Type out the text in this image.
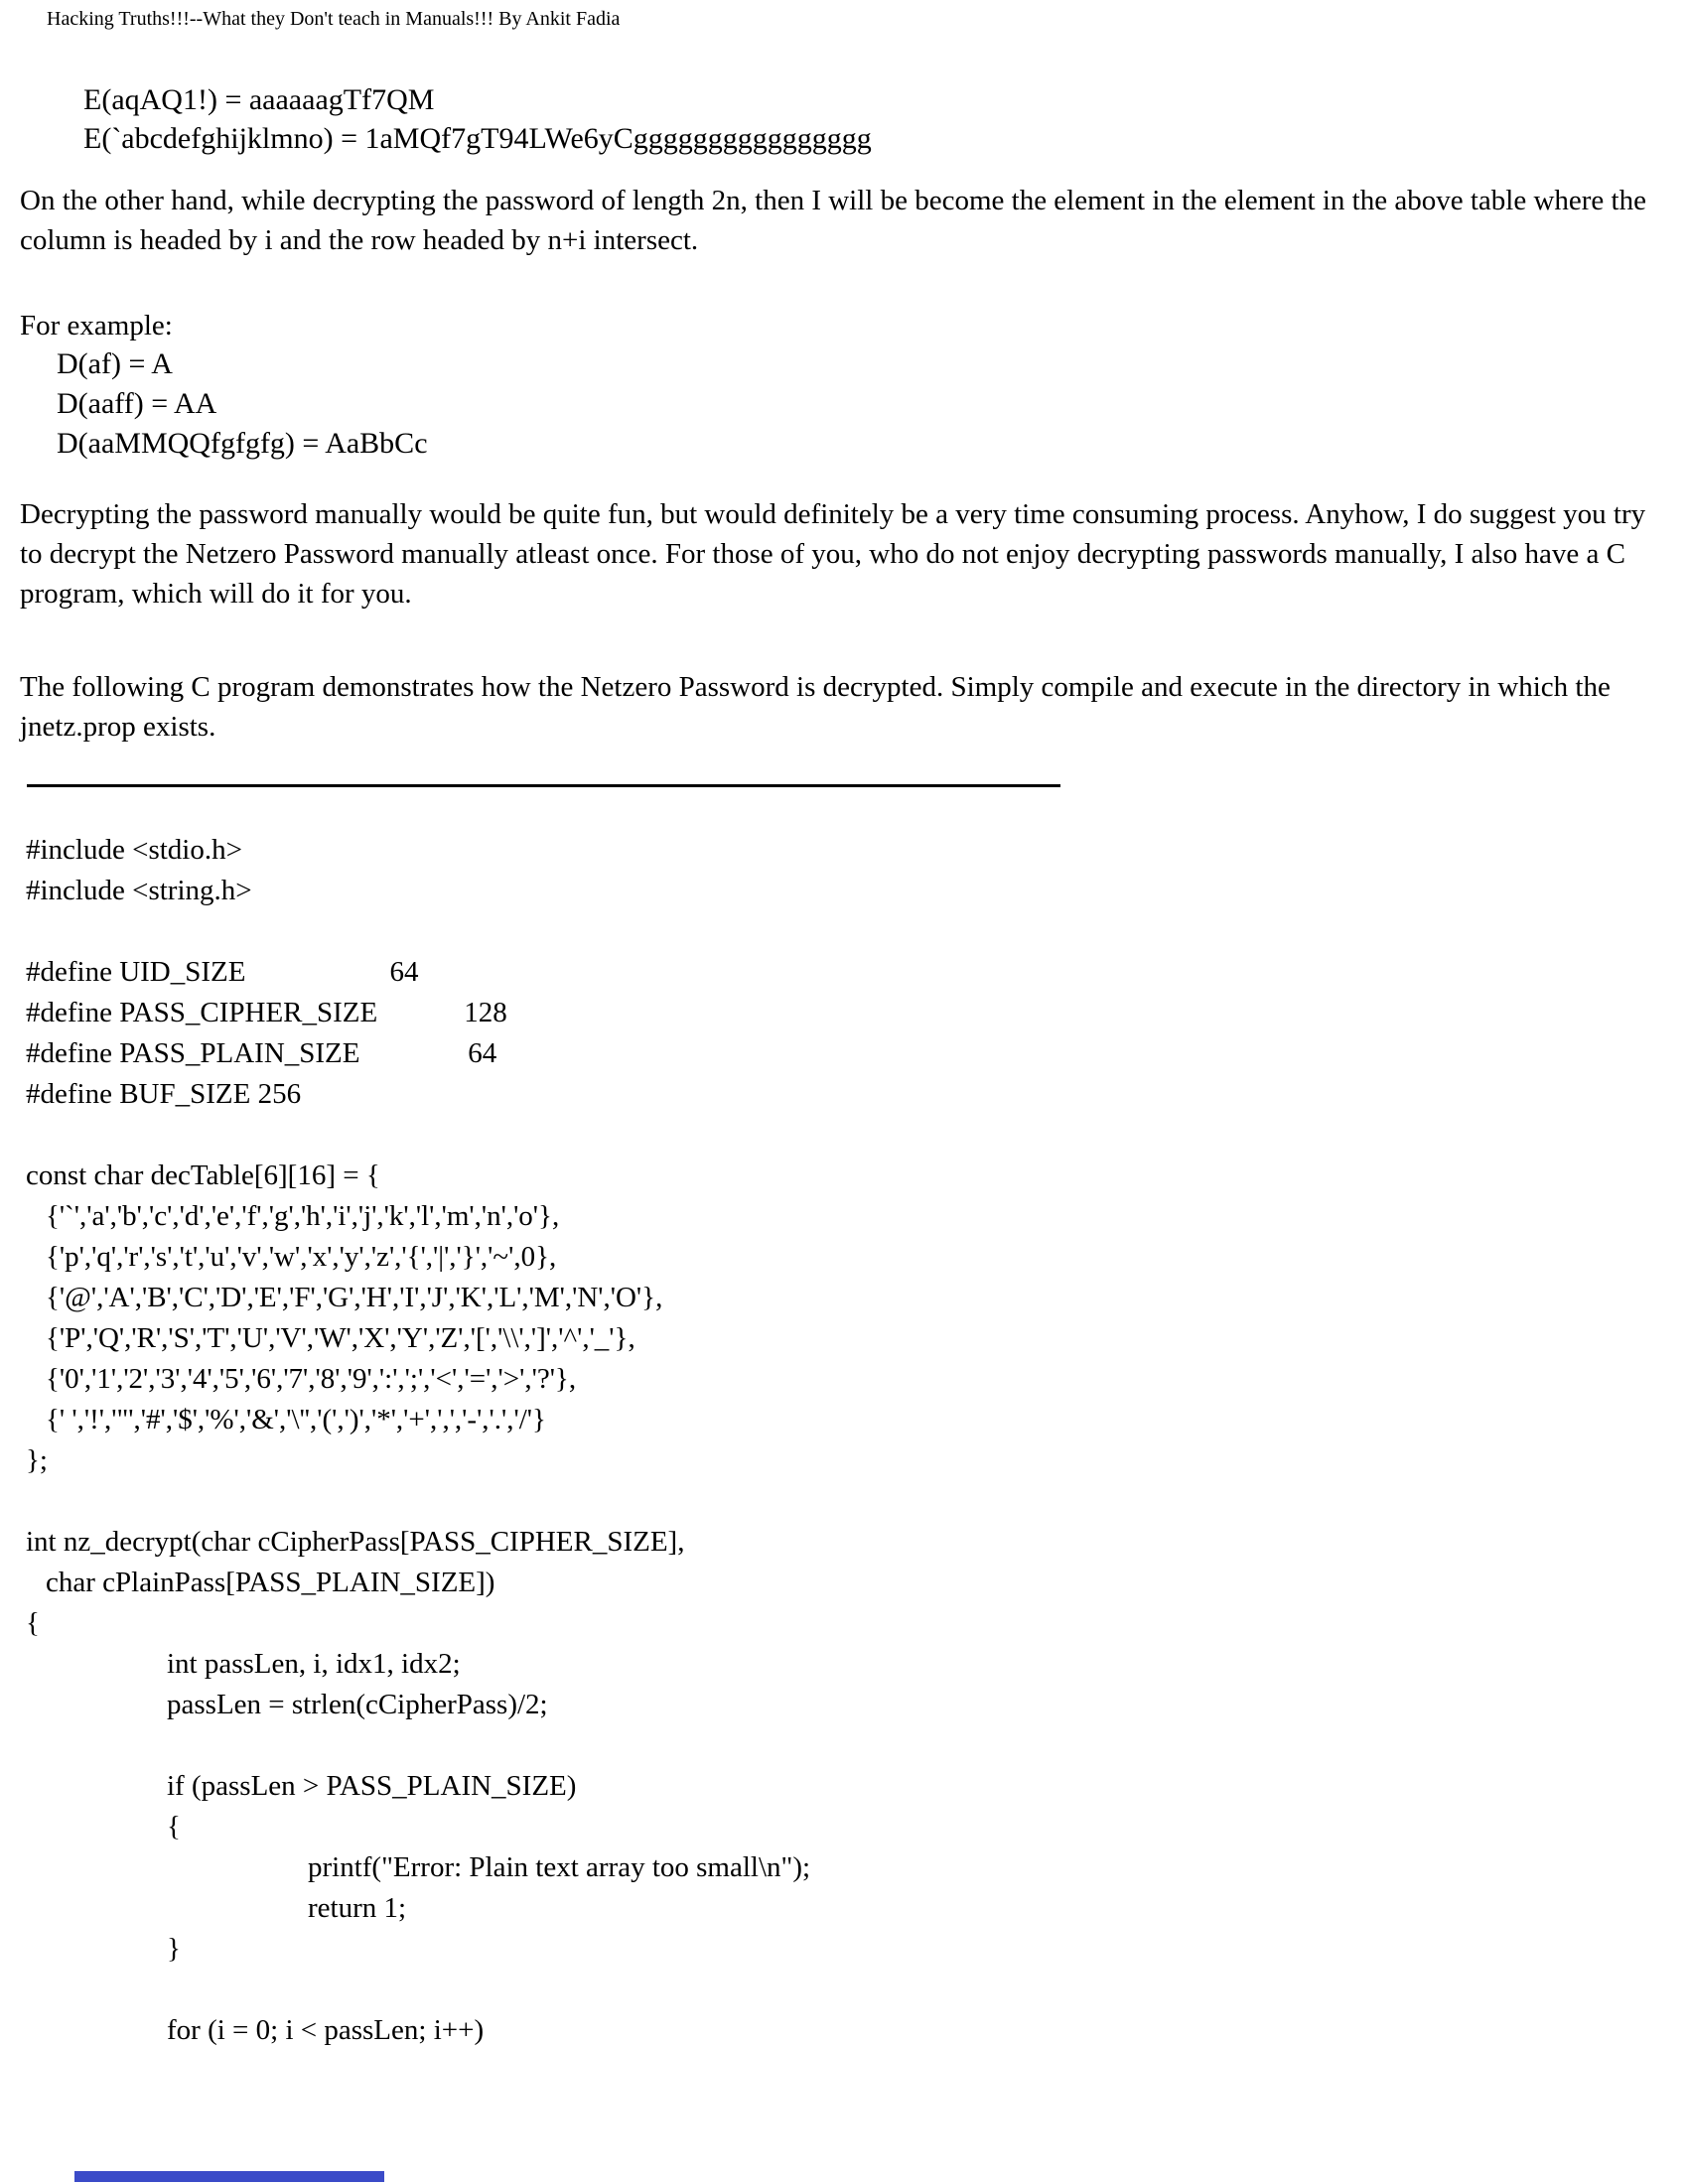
Hacking Truths!!!--What they Don't teach in Manuals!!! By Ankit Fadia
E(aqAQ1!) = aaaaaagTf7QM
E(`abcdefghijklmno) = 1aMQf7gT94LWe6yCgggggggggggggggg
On the other hand, while decrypting the password of length 2n, then I will be become the element in the element in the above table where the column is headed by i and the row headed by n+i intersect.
For example:
D(af) = A
D(aaff) = AA
D(aaMMQQfgfgfg) = AaBbCc
Decrypting the password manually would be quite fun, but would definitely be a very time consuming process. Anyhow, I do suggest you try to decrypt the Netzero Password manually atleast once. For those of you, who do not enjoy decrypting passwords manually, I also have a C program, which will do it for you.
The following C program demonstrates how the Netzero Password is decrypted. Simply compile and execute in the directory in which the jnetz.prop exists.
#include <stdio.h>
#include <string.h>
#define UID_SIZE                    64
#define PASS_CIPHER_SIZE            128
#define PASS_PLAIN_SIZE               64
#define BUF_SIZE 256
const char decTable[6][16] = {
{'`','a','b','c','d','e','f','g','h','i','j','k','l','m','n','o'},
{'p','q','r','s','t','u','v','w','x','y','z','{','|','}','~',0},
{'@','A','B','C','D','E','F','G','H','I','J','K','L','M','N','O'},
{'P','Q','R','S','T','U','V','W','X','Y','Z','[','\\',']','^','_'},
{'0','1','2','3','4','5','6','7','8','9',':',';','<','=','>','?'},
{' ','!','"','#','$','%','&','\'','(',')','*','+',',','-','.','/'}
};
int nz_decrypt(char cCipherPass[PASS_CIPHER_SIZE],
char cPlainPass[PASS_PLAIN_SIZE])
{
int passLen, i, idx1, idx2;
passLen = strlen(cCipherPass)/2;
if (passLen > PASS_PLAIN_SIZE)
{
printf("Error: Plain text array too small\n");
return 1;
}
for (i = 0; i < passLen; i++)
